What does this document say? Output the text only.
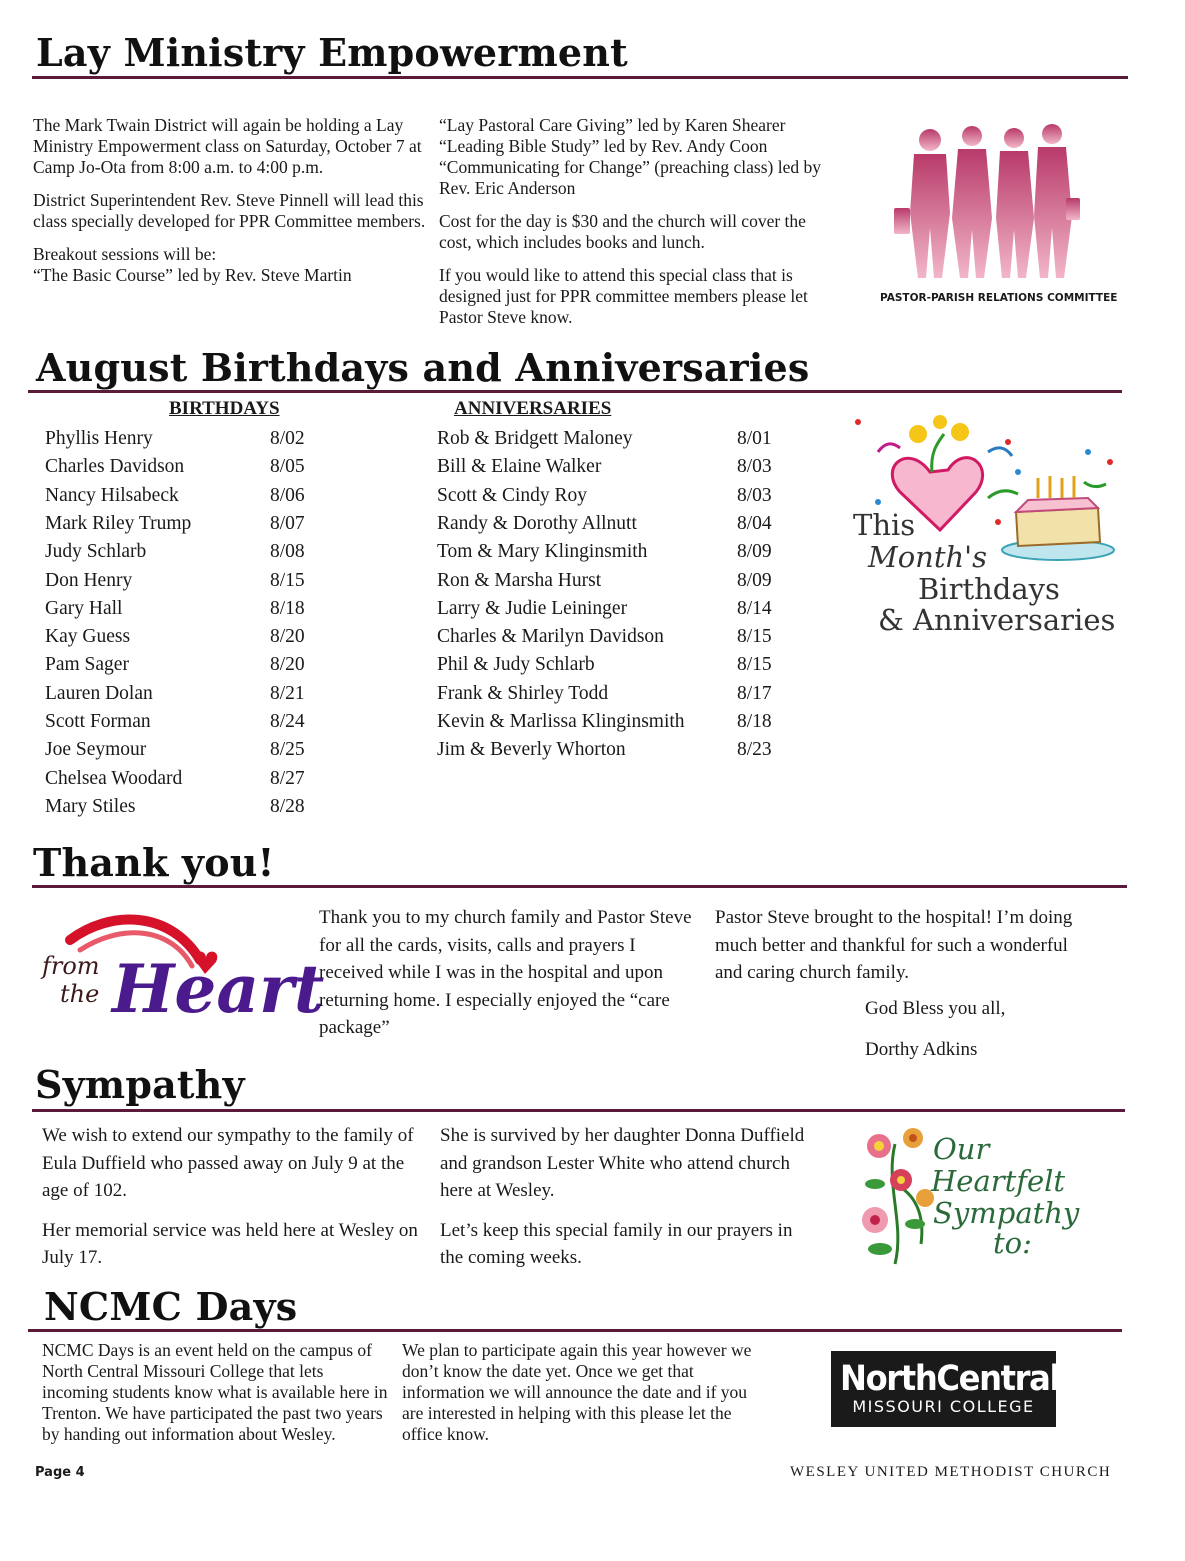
Lay Ministry Empowerment

The Mark Twain District will again be holding a Lay Ministry Empowerment class on Saturday, October 7 at Camp Jo-Ota from 8:00 a.m. to 4:00 p.m.

District Superintendent Rev. Steve Pinnell will lead this class specially developed for PPR Committee members.

Breakout sessions will be:
“The Basic Course” led by Rev. Steve Martin
“Lay Pastoral Care Giving” led by Karen Shearer
“Leading Bible Study” led by Rev. Andy Coon

“Communicating for Change” (preaching class) led by Rev. Eric Anderson

Cost for the day is $30 and the church will cover the cost, which includes books and lunch.

If you would like to attend this special class that is designed just for PPR committee members please let Pastor Steve know.

PASTOR-PARISH RELATIONS COMMITTEE
August Birthdays and Anniversaries
BIRTHDAYS	ANNIVERSARIES
Phyllis Henry	8/02
Charles Davidson	8/05
Nancy Hilsabeck	8/06
Mark Riley Trump	8/07
Judy Schlarb	8/08
Don Henry	8/15
Gary Hall	8/18
Kay Guess	8/20
Pam Sager	8/20
Lauren Dolan	8/21
Scott Forman	8/24
Joe Seymour	8/25
Chelsea Woodard	8/27
Mary Stiles	8/28
Rob & Bridgett Maloney	8/01
Bill & Elaine Walker	8/03
Scott & Cindy Roy	8/03
Randy & Dorothy Allnutt	8/04
Tom & Mary Klinginsmith	8/09
Ron & Marsha Hurst	8/09
Larry & Judie Leininger	8/14
Charles & Marilyn Davidson	8/15
Phil & Judy Schlarb	8/15
Frank & Shirley Todd	8/17
Kevin & Marlissa Klinginsmith	8/18
Jim & Beverly Whorton	8/23
This
Month's
Birthdays
& Anniversaries
Thank you!
from
the Heart
Thank you to my church family and Pastor Steve for all the cards, visits, calls and prayers I received while I was in the hospital and upon returning home. I especially enjoyed the “care package”
Pastor Steve brought to the hospital! I’m doing much better and thankful for such a wonderful and caring church family.
God Bless you all,
Dorthy Adkins
Sympathy

We wish to extend our sympathy to the family of Eula Duffield who passed away on July 9 at the age of 102.

Her memorial service was held here at Wesley on July 17.

She is survived by her daughter Donna Duffield and grandson Lester White who attend church here at Wesley.

Let’s keep this special family in our prayers in the coming weeks.

Our
Heartfelt
Sympathy
to:
NCMC Days
NCMC Days is an event held on the campus of North Central Missouri College that lets incoming students know what is available here in Trenton. We have participated the past two years by handing out information about Wesley.
We plan to participate again this year however we don’t know the date yet. Once we get that information we will announce the date and if you are interested in helping with this please let the office know.
NorthCentral
MISSOURI COLLEGE
Page 4	WESLEY UNITED METHODIST CHURCH
